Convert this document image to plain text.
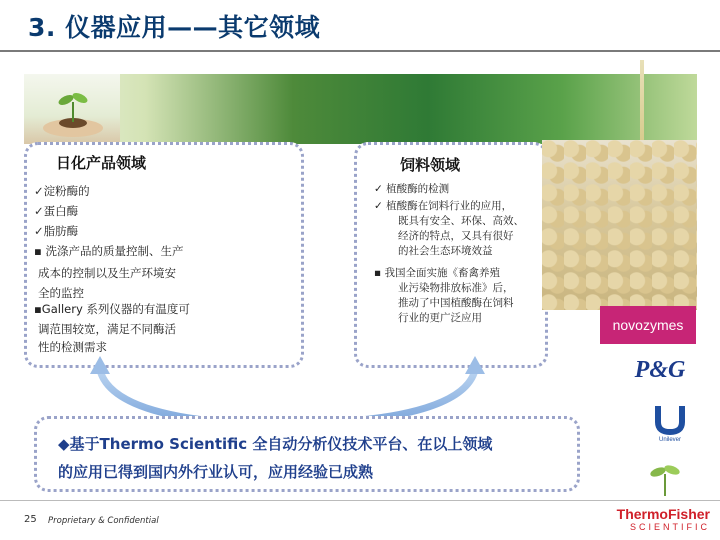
3. 仪器应用——其它领域
日化产品领域
✓淀粉酶的
✓蛋白酶
✓脂肪酶
▪ 洗涤产品的质量控制、生产
成本的控制以及生产环境安
全的监控
▪Gallery 系列仪器的有温度可
调范围较宽，满足不同酶活
性的检测需求
饲料领域
✓ 植酸酶的检测
✓ 植酸酶在饲料行业的应用，
既具有安全、环保、高效、
经济的特点，又具有很好
的社会生态环境效益
▪ 我国全面实施《畜禽养殖
业污染物排放标准》后，
推动了中国植酸酶在饲料
行业的更广泛应用
◆基于Thermo Scientific 全自动分析仪技术平台、在以上领域
的应用已得到国内外行业认可，应用经验已成熟
novozymes
P&G
Unilever
25 Proprietary & Confidential	ThermoFisher
SCIENTIFIC
